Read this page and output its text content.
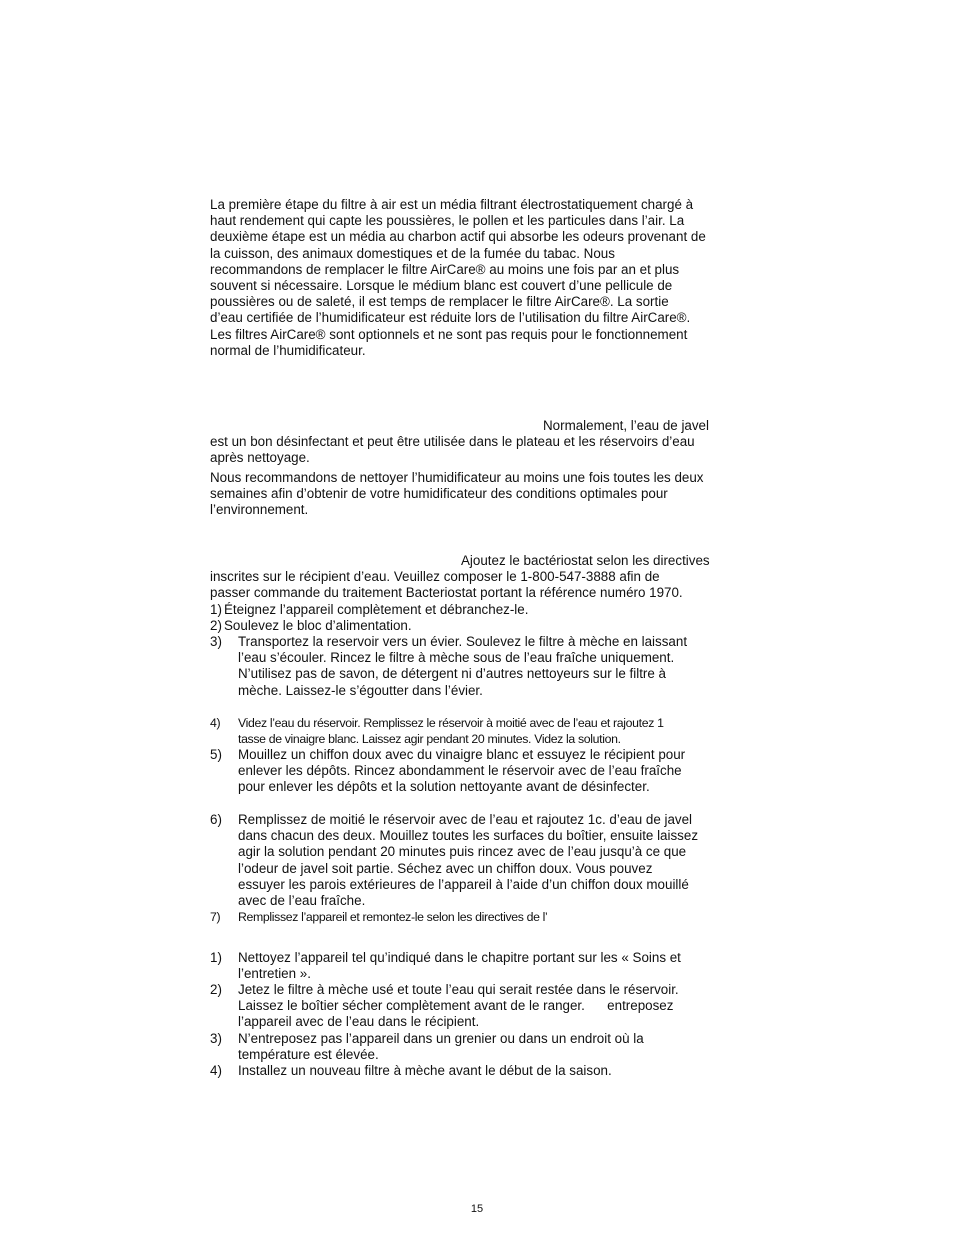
La première étape du filtre à air est un média filtrant électrostatiquement chargé à
haut rendement qui capte les poussières, le pollen et les particules dans l’air. La
deuxième étape est un média au charbon actif qui absorbe les odeurs provenant de
la cuisson, des animaux domestiques et de la fumée du tabac. Nous
recommandons de remplacer le filtre AirCare® au moins une fois par an et plus
souvent si nécessaire. Lorsque le médium blanc est couvert d’une pellicule de
poussières ou de saleté, il est temps de remplacer le filtre AirCare®. La sortie
d’eau certifiée de l’humidificateur est réduite lors de l’utilisation du filtre AirCare®.
Les filtres AirCare® sont optionnels et ne sont pas requis pour le fonctionnement
normal de l’humidificateur.

Normalement, l’eau de javel
est un bon désinfectant et peut être utilisée dans le plateau et les réservoirs d’eau
après nettoyage.

Nous recommandons de nettoyer l’humidificateur au moins une fois toutes les deux
semaines afin d’obtenir de votre humidificateur des conditions optimales pour
l’environnement.

Ajoutez le bactériostat selon les directives
inscrites sur le récipient d’eau. Veuillez composer le 1-800-547-3888 afin de
passer commande du traitement Bacteriostat portant la référence numéro 1970.

1) Éteignez l’appareil complètement et débranchez-le.
2) Soulevez le bloc d’alimentation.
3) Transportez la reservoir vers un évier. Soulevez le filtre à mèche en laissant
l’eau s’écouler. Rincez le filtre à mèche sous de l’eau fraîche uniquement.
N’utilisez pas de savon, de détergent ni d’autres nettoyeurs sur le filtre à
mèche. Laissez-le s’égoutter dans l’évier.
4) Videz l’eau du réservoir. Remplissez le réservoir à moitié avec de l’eau et rajoutez 1
tasse de vinaigre blanc. Laissez agir pendant 20 minutes. Videz la solution.
5) Mouillez un chiffon doux avec du vinaigre blanc et essuyez le récipient pour
enlever les dépôts. Rincez abondamment le réservoir avec de l’eau fraîche
pour enlever les dépôts et la solution nettoyante avant de désinfecter.
6) Remplissez de moitié le réservoir avec de l’eau et rajoutez 1c. d’eau de javel
dans chacun des deux. Mouillez toutes les surfaces du boîtier, ensuite laissez
agir la solution pendant 20 minutes puis rincez avec de l’eau jusqu’à ce que
l’odeur de javel soit partie. Séchez avec un chiffon doux. Vous pouvez
essuyer les parois extérieures de l’appareil à l’aide d’un chiffon doux mouillé
avec de l’eau fraîche.
7) Remplissez l’appareil et remontez-le selon les directives de l’
1) Nettoyez l’appareil tel qu’indiqué dans le chapitre portant sur les « Soins et
l’entretien ».
2) Jetez le filtre à mèche usé et toute l’eau qui serait restée dans le réservoir.
Laissez le boîtier sécher complètement avant de le ranger.      entreposez
l’appareil avec de l’eau dans le récipient.
3) N’entreposez pas l’appareil dans un grenier ou dans un endroit où la
température est élevée.
4) Installez un nouveau filtre à mèche avant le début de la saison.
15
